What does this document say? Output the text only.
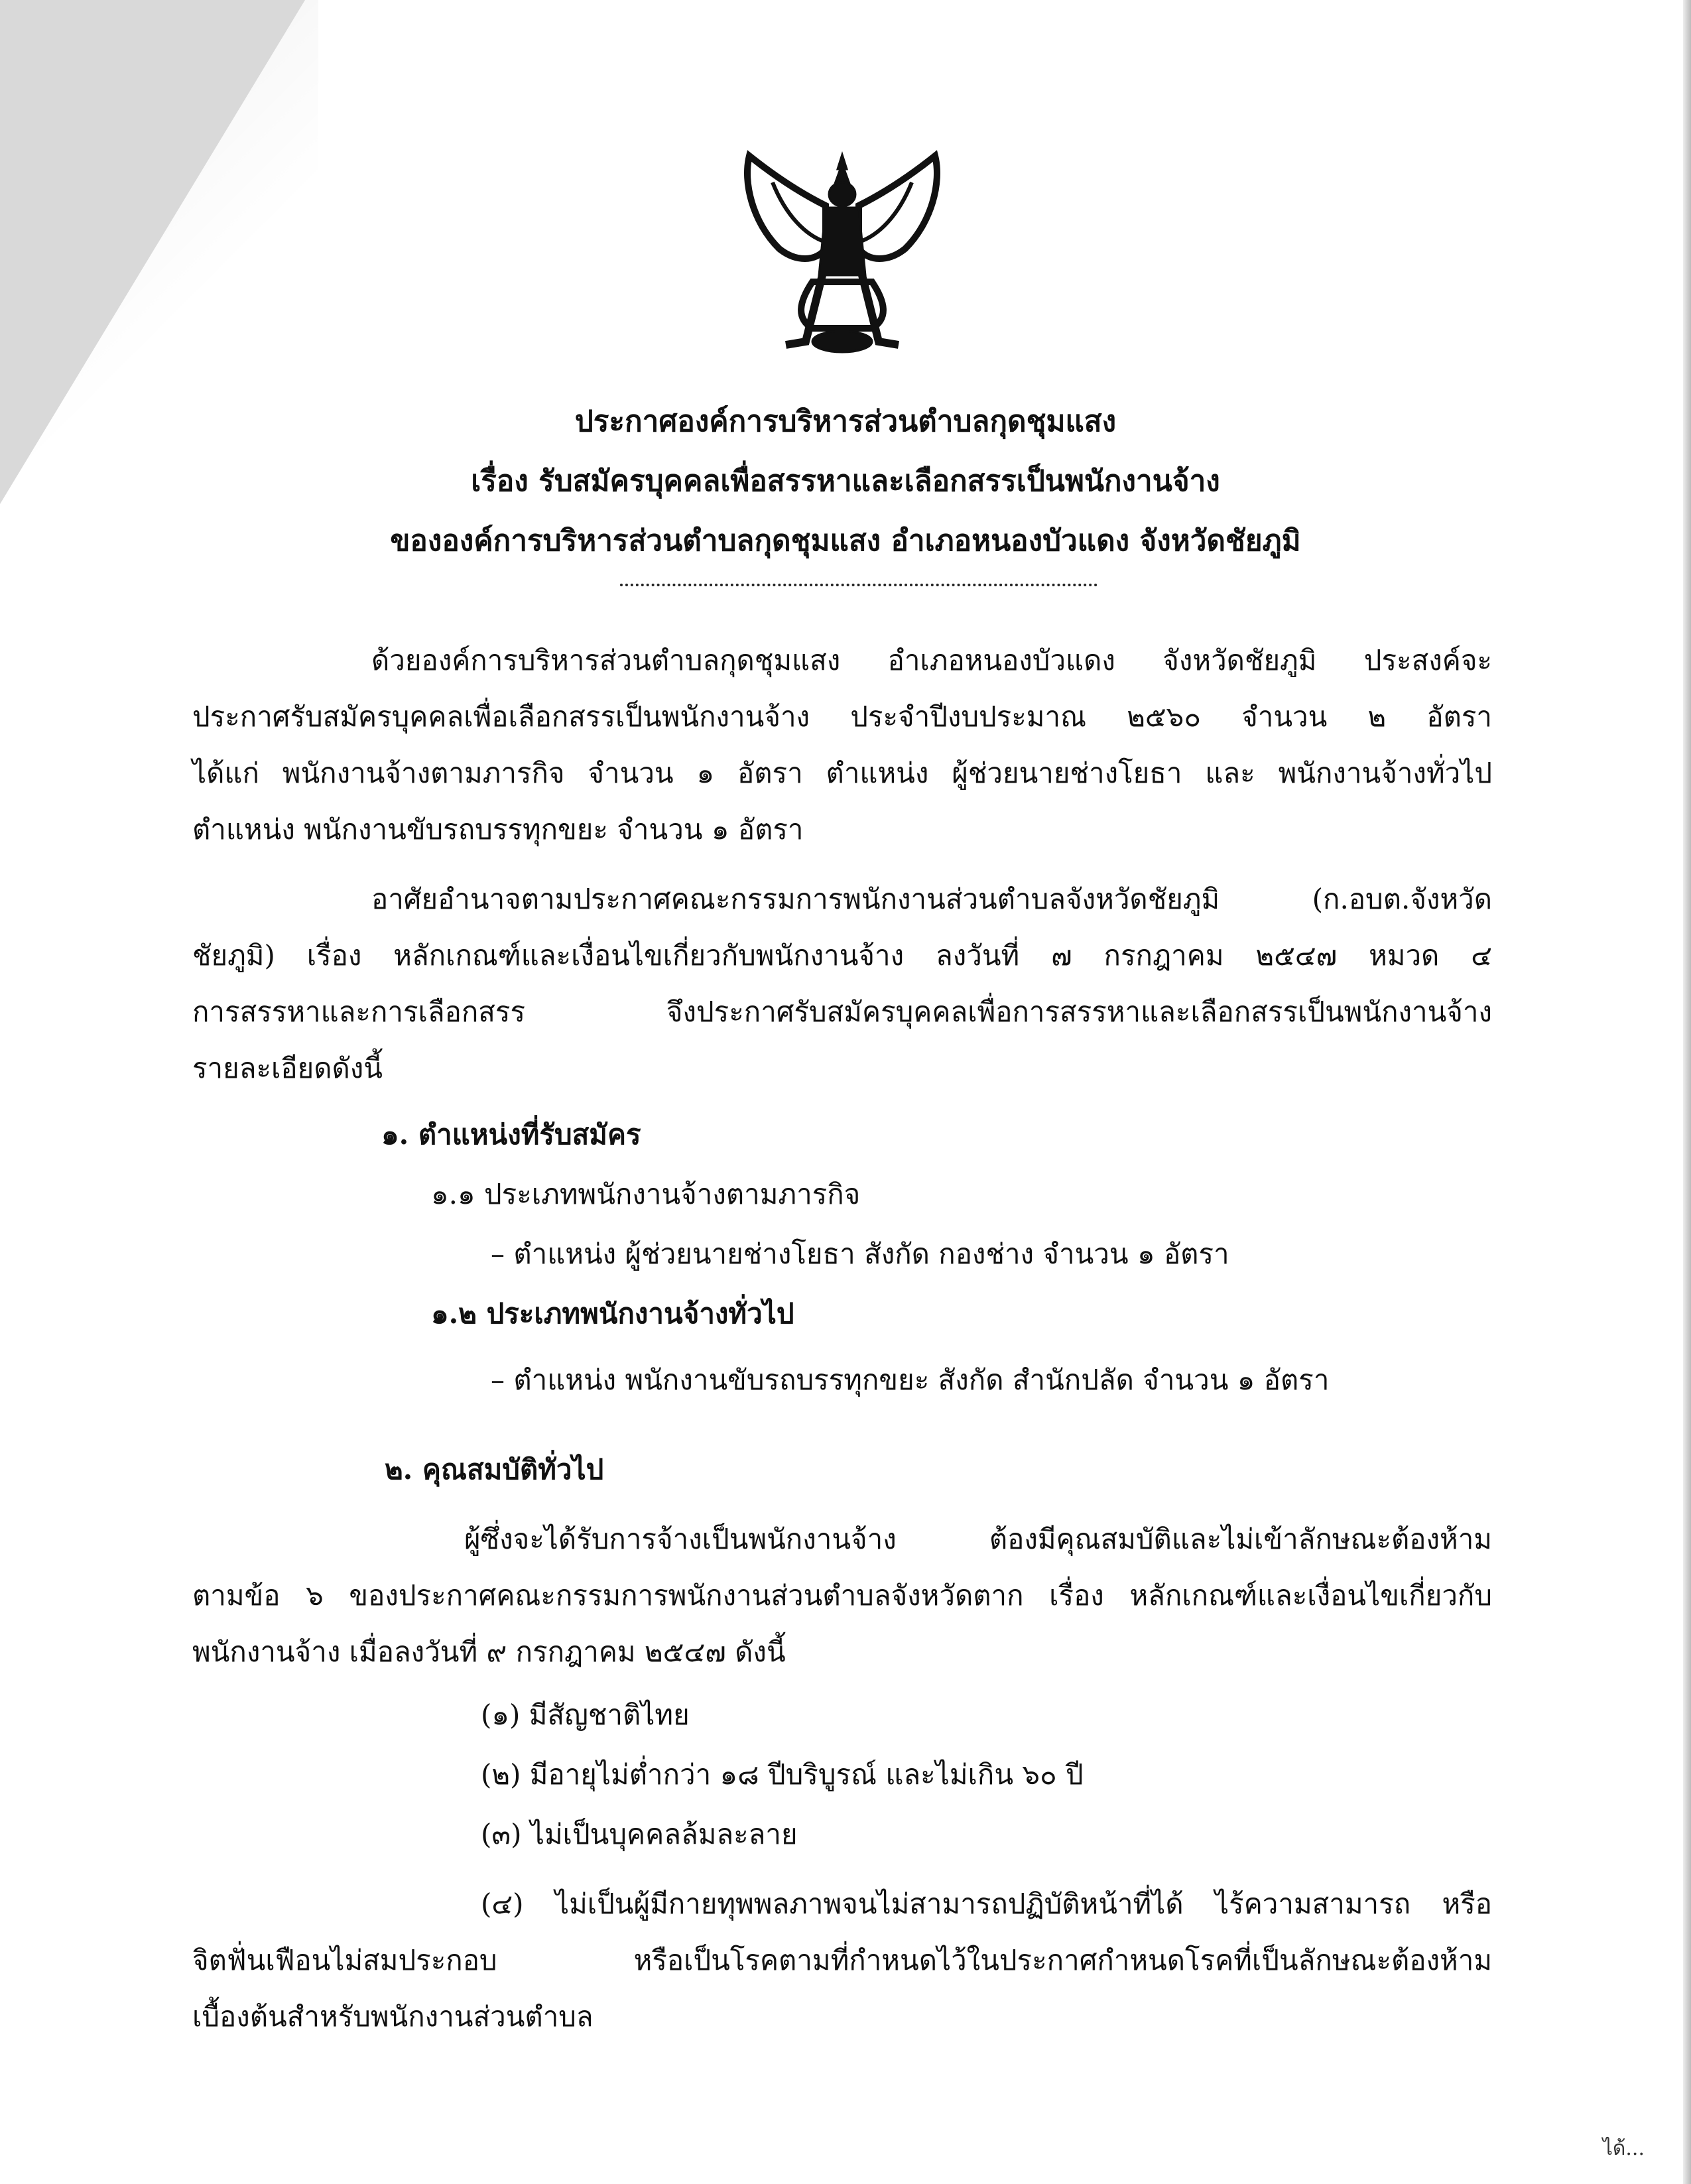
ประกาศองค์การบริหารส่วนตำบลกุดชุมแสง
เรื่อง รับสมัครบุคคลเพื่อสรรหาและเลือกสรรเป็นพนักงานจ้าง
ขององค์การบริหารส่วนตำบลกุดชุมแสง อำเภอหนองบัวแดง จังหวัดชัยภูมิ
ด้วยองค์การบริหารส่วนตำบลกุดชุมแสง อำเภอหนองบัวแดง จังหวัดชัยภูมิ ประสงค์จะ
ประกาศรับสมัครบุคคลเพื่อเลือกสรรเป็นพนักงานจ้าง ประจำปีงบประมาณ ๒๕๖๐ จำนวน ๒ อัตรา
ได้แก่ พนักงานจ้างตามภารกิจ จำนวน ๑ อัตรา ตำแหน่ง ผู้ช่วยนายช่างโยธา และ พนักงานจ้างทั่วไป
ตำแหน่ง พนักงานขับรถบรรทุกขยะ จำนวน ๑ อัตรา
อาศัยอำนาจตามประกาศคณะกรรมการพนักงานส่วนตำบลจังหวัดชัยภูมิ (ก.อบต.จังหวัด
ชัยภูมิ) เรื่อง หลักเกณฑ์และเงื่อนไขเกี่ยวกับพนักงานจ้าง ลงวันที่ ๗ กรกฎาคม ๒๕๔๗ หมวด ๔
การสรรหาและการเลือกสรร จึงประกาศรับสมัครบุคคลเพื่อการสรรหาและเลือกสรรเป็นพนักงานจ้าง
รายละเอียดดังนี้
๑. ตำแหน่งที่รับสมัคร
๑.๑ ประเภทพนักงานจ้างตามภารกิจ
– ตำแหน่ง ผู้ช่วยนายช่างโยธา สังกัด กองช่าง จำนวน ๑ อัตรา
๑.๒ ประเภทพนักงานจ้างทั่วไป
– ตำแหน่ง พนักงานขับรถบรรทุกขยะ สังกัด สำนักปลัด จำนวน ๑ อัตรา
๒. คุณสมบัติทั่วไป
ผู้ซึ่งจะได้รับการจ้างเป็นพนักงานจ้าง ต้องมีคุณสมบัติและไม่เข้าลักษณะต้องห้าม
ตามข้อ ๖ ของประกาศคณะกรรมการพนักงานส่วนตำบลจังหวัดตาก เรื่อง หลักเกณฑ์และเงื่อนไขเกี่ยวกับ
พนักงานจ้าง เมื่อลงวันที่ ๙ กรกฎาคม ๒๕๔๗ ดังนี้
(๑) มีสัญชาติไทย
(๒) มีอายุไม่ต่ำกว่า ๑๘ ปีบริบูรณ์ และไม่เกิน ๖๐ ปี
(๓) ไม่เป็นบุคคลล้มละลาย
(๔) ไม่เป็นผู้มีกายทุพพลภาพจนไม่สามารถปฏิบัติหน้าที่ได้ ไร้ความสามารถ หรือ
จิตฟั่นเฟือนไม่สมประกอบ หรือเป็นโรคตามที่กำหนดไว้ในประกาศกำหนดโรคที่เป็นลักษณะต้องห้าม
เบื้องต้นสำหรับพนักงานส่วนตำบล
ได้...
